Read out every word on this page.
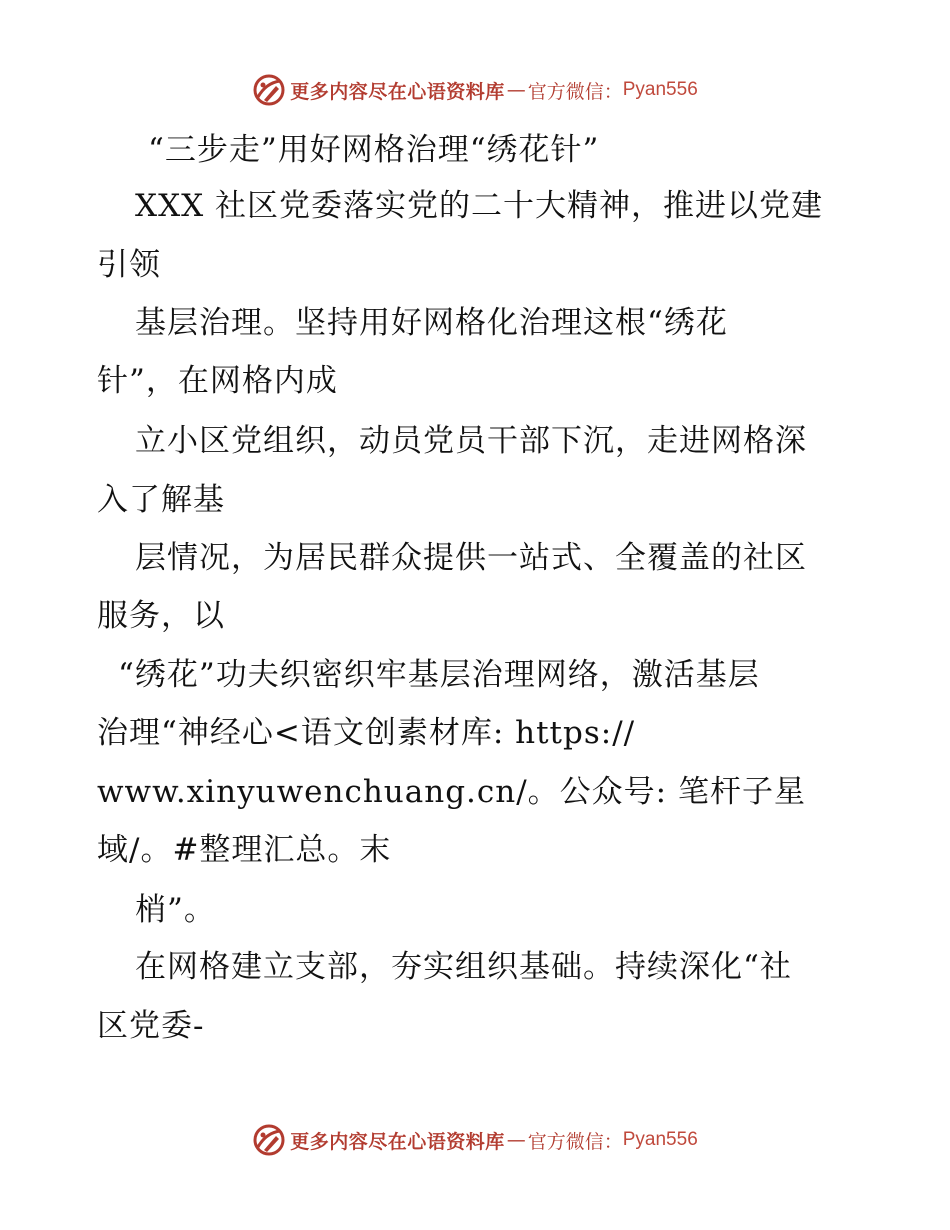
更多内容尽在心语资料库 — 官方微信： Pyan556
“三步走”用好网格治理“绣花针”
XXX 社区党委落实党的二十大精神，推进以党建
引领
基层治理。坚持用好网格化治理这根“绣花
针”，在网格内成
立小区党组织，动员党员干部下沉，走进网格深
入了解基
层情况，为居民群众提供一站式、全覆盖的社区
服务，以
“绣花”功夫织密织牢基层治理网络，激活基层
治理“神经心<语文创素材库: https://
www.xinyuwenchuang.cn/。公众号: 笔杆子星
域/。#整理汇总。末
梢”。
在网格建立支部，夯实组织基础。持续深化“社
区党委-
更多内容尽在心语资料库 — 官方微信： Pyan556
